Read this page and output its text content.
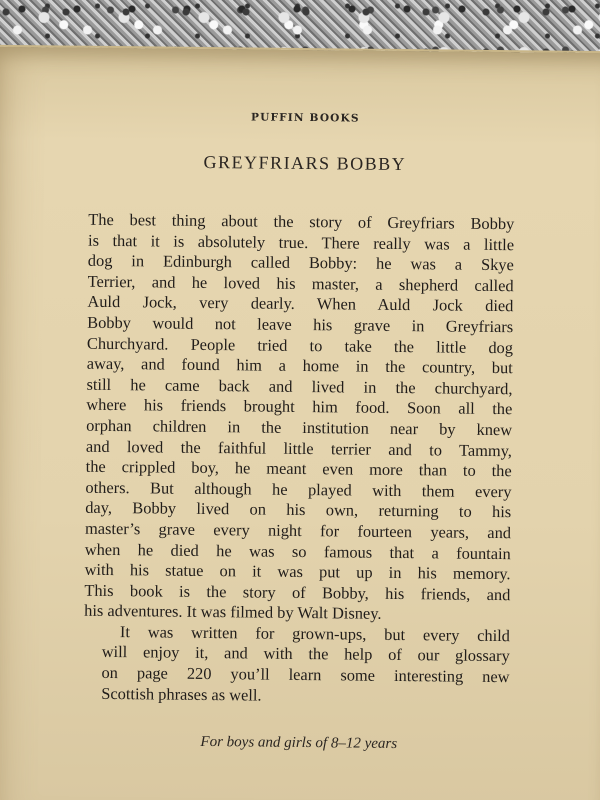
PUFFIN BOOKS
GREYFRIARS BOBBY

The best thing about the story of Greyfriars Bobby
is that it is absolutely true. There really was a little
dog in Edinburgh called Bobby: he was a Skye
Terrier, and he loved his master, a shepherd called
Auld Jock, very dearly. When Auld Jock died
Bobby would not leave his grave in Greyfriars
Churchyard. People tried to take the little dog
away, and found him a home in the country, but
still he came back and lived in the churchyard,
where his friends brought him food. Soon all the
orphan children in the institution near by knew
and loved the faithful little terrier and to Tammy,
the crippled boy, he meant even more than to the
others. But although he played with them every
day, Bobby lived on his own, returning to his
master’s grave every night for fourteen years, and
when he died he was so famous that a fountain
with his statue on it was put up in his memory.
This book is the story of Bobby, his friends, and
his adventures. It was filmed by Walt Disney.

It was written for grown-ups, but every child
will enjoy it, and with the help of our glossary
on page 220 you’ll learn some interesting new
Scottish phrases as well.

For boys and girls of 8–12 years
